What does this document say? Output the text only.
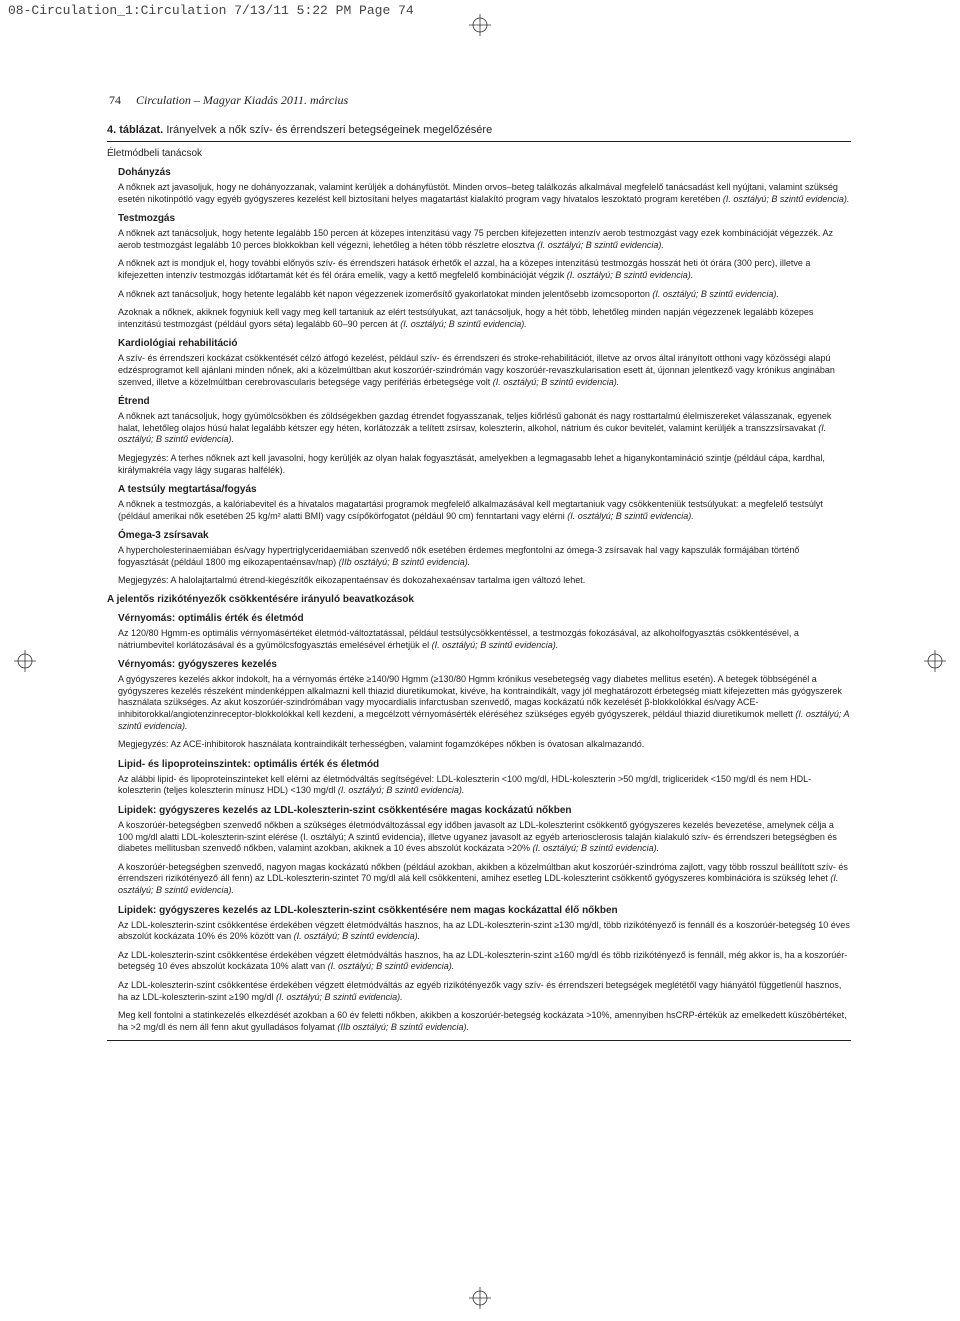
08-Circulation_1:Circulation 7/13/11 5:22 PM Page 74
74 Circulation – Magyar Kiadás 2011. március
4. táblázat. Irányelvek a nők szív- és érrendszeri betegségeinek megelőzésére
Életmódbeli tanácsok
Dohányzás
A nőknek azt javasoljuk, hogy ne dohányozzanak, valamint kerüljék a dohányfüstöt. Minden orvos–beteg találkozás alkalmával megfelelő tanácsadást kell nyújtani, valamint szükség esetén nikotinpótló vagy egyéb gyógyszeres kezelést kell biztosítani helyes magatartást kialakító program vagy hivatalos leszoktató program keretében (I. osztályú; B szintű evidencia).
Testmozgás
A nőknek azt tanácsoljuk, hogy hetente legalább 150 percen át közepes intenzitású vagy 75 percben kifejezetten intenzív aerob testmozgást vagy ezek kombinációját végezzék. Az aerob testmozgást legalább 10 perces blokkokban kell végezni, lehetőleg a héten több részletre elosztva (I. osztályú; B szintű evidencia).
A nőknek azt is mondjuk el, hogy további előnyös szív- és érrendszeri hatások érhetők el azzal, ha a közepes intenzitású testmozgás hosszát heti öt órára (300 perc), illetve a kifejezetten intenzív testmozgás időtartamát két és fél órára emelik, vagy a kettő megfelelő kombinációját végzik (I. osztályú; B szintű evidencia).
A nőknek azt tanácsoljuk, hogy hetente legalább két napon végezzenek izomerősítő gyakorlatokat minden jelentősebb izomcsoporton (I. osztályú; B szintű evidencia).
Azoknak a nőknek, akiknek fogyniuk kell vagy meg kell tartaniuk az elért testsúlyukat, azt tanácsoljuk, hogy a hét több, lehetőleg minden napján végezzenek legalább közepes intenzitású testmozgást (például gyors séta) legalább 60–90 percen át (I. osztályú; B szintű evidencia).
Kardiológiai rehabilitáció
A szív- és érrendszeri kockázat csökkentését célzó átfogó kezelést, például szív- és érrendszeri és stroke-rehabilitációt, illetve az orvos által irányított otthoni vagy közösségi alapú edzésprogramot kell ajánlani minden nőnek, aki a közelmúltban akut koszorúér-szindrómán vagy koszorúér-revaszkularisation esett át, újonnan jelentkező vagy krónikus anginában szenved, illetve a közelmúltban cerebrovascularis betegsége vagy perifériás érbetegsége volt (I. osztályú; B szintű evidencia).
Étrend
A nőknek azt tanácsoljuk, hogy gyümölcsökben és zöldségekben gazdag étrendet fogyasszanak, teljes kiőrlésű gabonát és nagy rosttartalmú élelmiszereket válasszanak, egyenek halat, lehetőleg olajos húsú halat legalább kétszer egy héten, korlátozzák a telített zsírsav, koleszterin, alkohol, nátrium és cukor bevitelét, valamint kerüljék a transzzsírsavakat (I. osztályú; B szintű evidencia).
Megjegyzés: A terhes nőknek azt kell javasolni, hogy kerüljék az olyan halak fogyasztását, amelyekben a legmagasabb lehet a higanykontamináció szintje (például cápa, kardhal, királymakréla vagy lágy sugaras halfélék).
A testsúly megtartása/fogyás
A nőknek a testmozgás, a kalóriabevitel és a hivatalos magatartási programok megfelelő alkalmazásával kell megtartaniuk vagy csökkenteniük testsúlyukat: a megfelelő testsúlyt (például amerikai nők esetében 25 kg/m² alatti BMI) vagy csípőkörfogatot (például 90 cm) fenntartani vagy elérni (I. osztályú; B szintű evidencia).
Ómega-3 zsírsavak
A hypercholesterinaemiában és/vagy hypertriglyceridaemiában szenvedő nők esetében érdemes megfontolni az ómega-3 zsírsavak hal vagy kapszulák formájában történő fogyasztását (például 1800 mg eikozapentaénsav/nap) (IIb osztályú; B szintű evidencia).
Megjegyzés: A halolajtartalmú étrend-kiegészítők eikozapentaénsav és dokozahexaénsav tartalma igen változó lehet.
A jelentős rizikótényezők csökkentésére irányuló beavatkozások
Vérnyomás: optimális érték és életmód
Az 120/80 Hgmm-es optimális vérnyomásértéket életmód-változtatással, például testsúlycsökkentéssel, a testmozgás fokozásával, az alkoholfogyasztás csökkentésével, a nátriumbevitel korlátozásával és a gyümölcsfogyasztás emelésével érhetjük el (I. osztályú; B szintű evidencia).
Vérnyomás: gyógyszeres kezelés
A gyógyszeres kezelés akkor indokolt, ha a vérnyomás értéke ≥140/90 Hgmm (≥130/80 Hgmm krónikus vesebetegség vagy diabetes mellitus esetén). A betegek többségénél a gyógyszeres kezelés részeként mindenképpen alkalmazni kell thiazid diuretikumokat, kivéve, ha kontraindikált, vagy jól meghatározott érbetegség miatt kifejezetten más gyógyszerek használata szükséges. Az akut koszorúér-szindrómában vagy myocardialis infarctusban szenvedő, magas kockázatú nők kezelését β-blokkolókkal és/vagy ACE-inhibitorokkal/angiotenzinreceptor-blokkolókkal kell kezdeni, a megcélzott vérnyomásérték eléréséhez szükséges egyéb gyógyszerek, például thiazid diuretikumok mellett (I. osztályú; A szintű evidencia).
Megjegyzés: Az ACE-inhibitorok használata kontraindikált terhességben, valamint fogamzóképes nőkben is óvatosan alkalmazandó.
Lipid- és lipoproteinszintek: optimális érték és életmód
Az alábbi lipid- és lipoproteinszinteket kell elérni az életmódváltás segítségével: LDL-koleszterin <100 mg/dl, HDL-koleszterin >50 mg/dl, trigliceridek <150 mg/dl és nem HDL-koleszterin (teljes koleszterin mínusz HDL) <130 mg/dl (I. osztályú; B szintű evidencia).
Lipidek: gyógyszeres kezelés az LDL-koleszterin-szint csökkentésére magas kockázatú nőkben
A koszorúér-betegségben szenvedő nőkben a szükséges életmódváltozással egy időben javasolt az LDL-koleszterint csökkentő gyógyszeres kezelés bevezetése, amelynek célja a 100 mg/dl alatti LDL-koleszterin-szint elérése (I. osztályú; A szintű evidencia), illetve ugyanez javasolt az egyéb arteriosclerosis talaján kialakuló szív- és érrendszeri betegségben és diabetes mellitusban szenvedő nőkben, valamint azokban, akiknek a 10 éves abszolút kockázata >20% (I. osztályú; B szintű evidencia).
A koszorúér-betegségben szenvedő, nagyon magas kockázatú nőkben (például azokban, akikben a közelmúltban akut koszorúér-szindróma zajlott, vagy több rosszul beállított szív- és érrendszeri rizikótényező áll fenn) az LDL-koleszterin-szintet 70 mg/dl alá kell csökkenteni, amihez esetleg LDL-koleszterint csökkentő gyógyszeres kombinációra is szükség lehet (I. osztályú; B szintű evidencia).
Lipidek: gyógyszeres kezelés az LDL-koleszterin-szint csökkentésére nem magas kockázattal élő nőkben
Az LDL-koleszterin-szint csökkentése érdekében végzett életmódváltás hasznos, ha az LDL-koleszterin-szint ≥130 mg/dl, több rizikótényező is fennáll és a koszorúér-betegség 10 éves abszolút kockázata 10% és 20% között van (I. osztályú; B szintű evidencia).
Az LDL-koleszterin-szint csökkentése érdekében végzett életmódváltás hasznos, ha az LDL-koleszterin-szint ≥160 mg/dl és több rizikótényező is fennáll, még akkor is, ha a koszorúér-betegség 10 éves abszolút kockázata 10% alatt van (I. osztályú; B szintű evidencia).
Az LDL-koleszterin-szint csökkentése érdekében végzett életmódváltás az egyéb rizikótényezők vagy szív- és érrendszeri betegségek meglététől vagy hiányától függetlenül hasznos, ha az LDL-koleszterin-szint ≥190 mg/dl (I. osztályú; B szintű evidencia).
Meg kell fontolni a statinkezelés elkezdését azokban a 60 év feletti nőkben, akikben a koszorúér-betegség kockázata >10%, amennyiben hsCRP-értékük az emelkedett küszöbértéket, ha >2 mg/dl és nem áll fenn akut gyulladásos folyamat (IIb osztályú; B szintű evidencia).
